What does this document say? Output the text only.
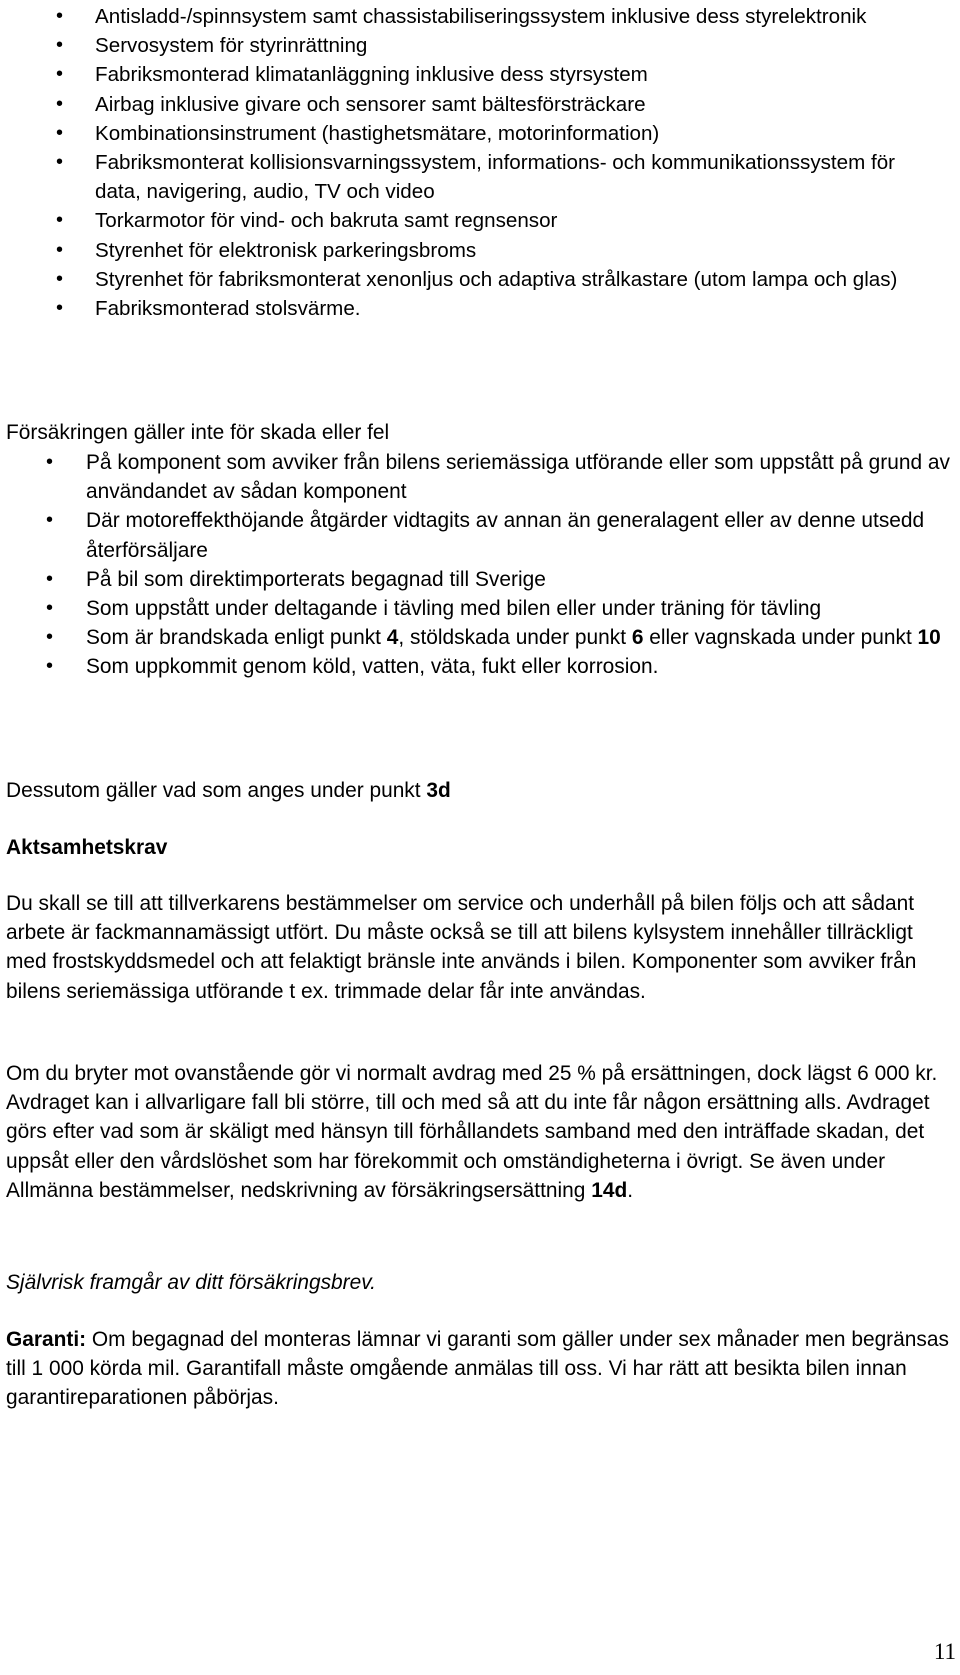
• Antisladd-/spinnsystem samt chassistabiliseringssystem inklusive dess styrelektronik
• Servosystem för styrinrättning
• Fabriksmonterad klimatanläggning inklusive dess styrsystem
• Airbag inklusive givare och sensorer samt bältesförsträckare
• Kombinationsinstrument (hastighetsmätare, motorinformation)
• Fabriksmonterat kollisionsvarningssystem, informations- och kommunikationssystem för data, navigering, audio, TV och video
• Torkarmotor för vind- och bakruta samt regnsensor
• Styrenhet för elektronisk parkeringsbroms
• Styrenhet för fabriksmonterat xenonljus och adaptiva strålkastare (utom lampa och glas)
• Fabriksmonterad stolsvärme.

Försäkringen gäller inte för skada eller fel

• På komponent som avviker från bilens seriemässiga utförande eller som uppstått på grund av användandet av sådan komponent
• Där motoreffekthöjande åtgärder vidtagits av annan än generalagent eller av denne utsedd återförsäljare
• På bil som direktimporterats begagnad till Sverige
• Som uppstått under deltagande i tävling med bilen eller under träning för tävling
• Som är brandskada enligt punkt 4, stöldskada under punkt 6 eller vagnskada under punkt 10
• Som uppkommit genom köld, vatten, väta, fukt eller korrosion.

Dessutom gäller vad som anges under punkt 3d

Aktsamhetskrav

Du skall se till att tillverkarens bestämmelser om service och underhåll på bilen följs och att sådant arbete är fackmannamässigt utfört. Du måste också se till att bilens kylsystem innehåller tillräckligt med frostskyddsmedel och att felaktigt bränsle inte används i bilen. Komponenter som avviker från bilens seriemässiga utförande t ex. trimmade delar får inte användas.

Om du bryter mot ovanstående gör vi normalt avdrag med 25 % på ersättningen, dock lägst 6 000 kr. Avdraget kan i allvarligare fall bli större, till och med så att du inte får någon ersättning alls. Avdraget görs efter vad som är skäligt med hänsyn till förhållandets samband med den inträffade skadan, det uppsåt eller den vårdslöshet som har förekommit och omständigheterna i övrigt. Se även under Allmänna bestämmelser, nedskrivning av försäkringsersättning 14d.

Självrisk framgår av ditt försäkringsbrev.

Garanti: Om begagnad del monteras lämnar vi garanti som gäller under sex månader men begränsas till 1 000 körda mil. Garantifall måste omgående anmälas till oss. Vi har rätt att besikta bilen innan garantireparationen påbörjas.

11
